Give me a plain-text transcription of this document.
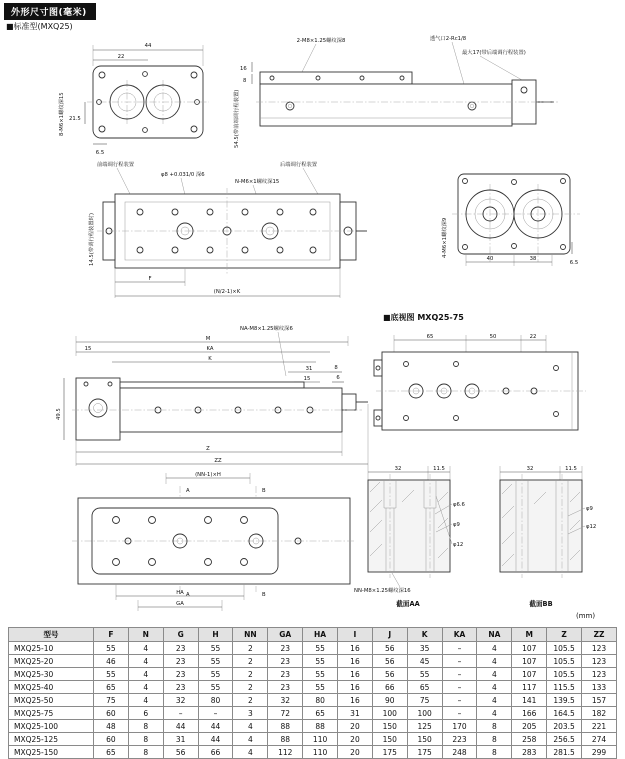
外形尺寸图(毫米)
■标准型(MXQ25)
44
22
8-M6×1螺纹深15 21.5
6.5
2-M8×1.25螺纹深8	透气口2-Rc1/8
最大17(带后端调行程装置)
54.5(带前端调行程装置)
16
8
前端调行程装置	后端调行程装置
φ8 +0.031/0 深6
N-M6×1螺纹深15
14.5(带调行程装置时)
F
(N/2-1)×K
4-M6×1螺纹深9
40	38
6.5
NA-M8×1.25螺纹深6
M
15	KA
K
31	8
15	6
49.5
Z
ZZ
■底视图 MXQ25-75
65	50	22
(NN-1)×H
A
A
B
B
HA
GA
32	11.5
φ6.6
φ9
φ12
NN-M8×1.25螺纹深16
截面AA
32	11.5
φ9
φ12
截面BB
(mm)
型号	F	N	G	H	NN	GA	HA	I	J	K	KA	NA	M	Z	ZZ
MXQ25-10	55	4	23	55	2	23	55	16	56	35	–	4	107	105.5	123
MXQ25-20	46	4	23	55	2	23	55	16	56	45	–	4	107	105.5	123
MXQ25-30	55	4	23	55	2	23	55	16	56	55	–	4	107	105.5	123
MXQ25-40	65	4	23	55	2	23	55	16	66	65	–	4	117	115.5	133
MXQ25-50	75	4	32	80	2	32	80	16	90	75	–	4	141	139.5	157
MXQ25-75	60	6	–	–	3	72	65	31	100	100	–	4	166	164.5	182
MXQ25-100	48	8	44	44	4	88	88	20	150	125	170	8	205	203.5	221
MXQ25-125	60	8	31	44	4	88	110	20	150	150	223	8	258	256.5	274
MXQ25-150	65	8	56	66	4	112	110	20	175	175	248	8	283	281.5	299
